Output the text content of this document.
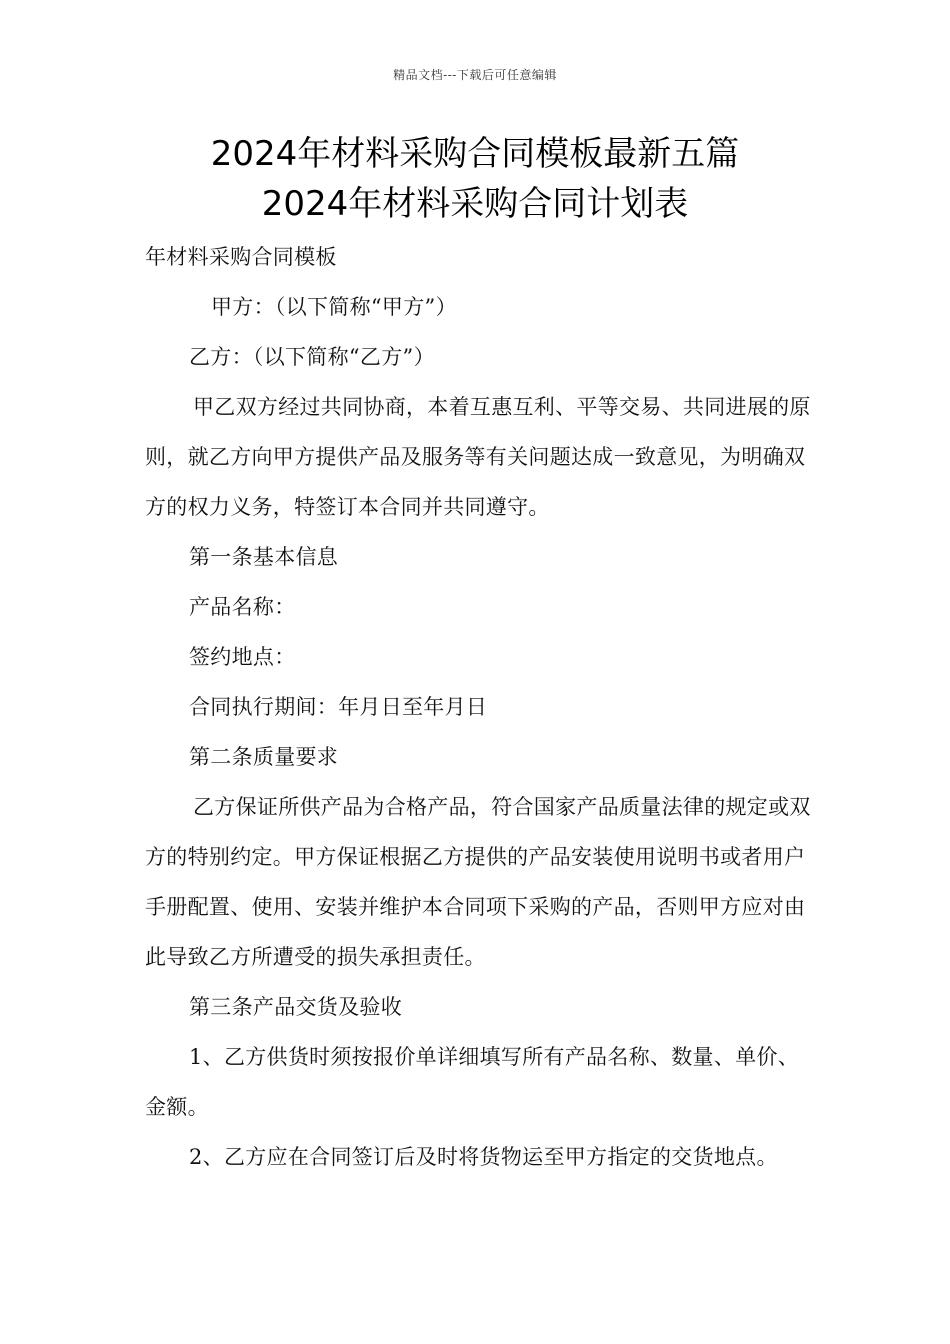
精品文档---下载后可任意编辑
2024年材料采购合同模板最新五篇
2024年材料采购合同计划表

年材料采购合同模板

甲方：（以下简称“甲方”）

乙方：（以下简称“乙方”）

甲乙双方经过共同协商，本着互惠互利、平等交易、共同进展的原则，就乙方向甲方提供产品及服务等有关问题达成一致意见，为明确双方的权力义务，特签订本合同并共同遵守。

第一条基本信息

产品名称：

签约地点：

合同执行期间：年月日至年月日

第二条质量要求

乙方保证所供产品为合格产品，符合国家产品质量法律的规定或双方的特别约定。甲方保证根据乙方提供的产品安装使用说明书或者用户手册配置、使用、安装并维护本合同项下采购的产品，否则甲方应对由此导致乙方所遭受的损失承担责任。

第三条产品交货及验收

1、乙方供货时须按报价单详细填写所有产品名称、数量、单价、金额。

2、乙方应在合同签订后及时将货物运至甲方指定的交货地点。
